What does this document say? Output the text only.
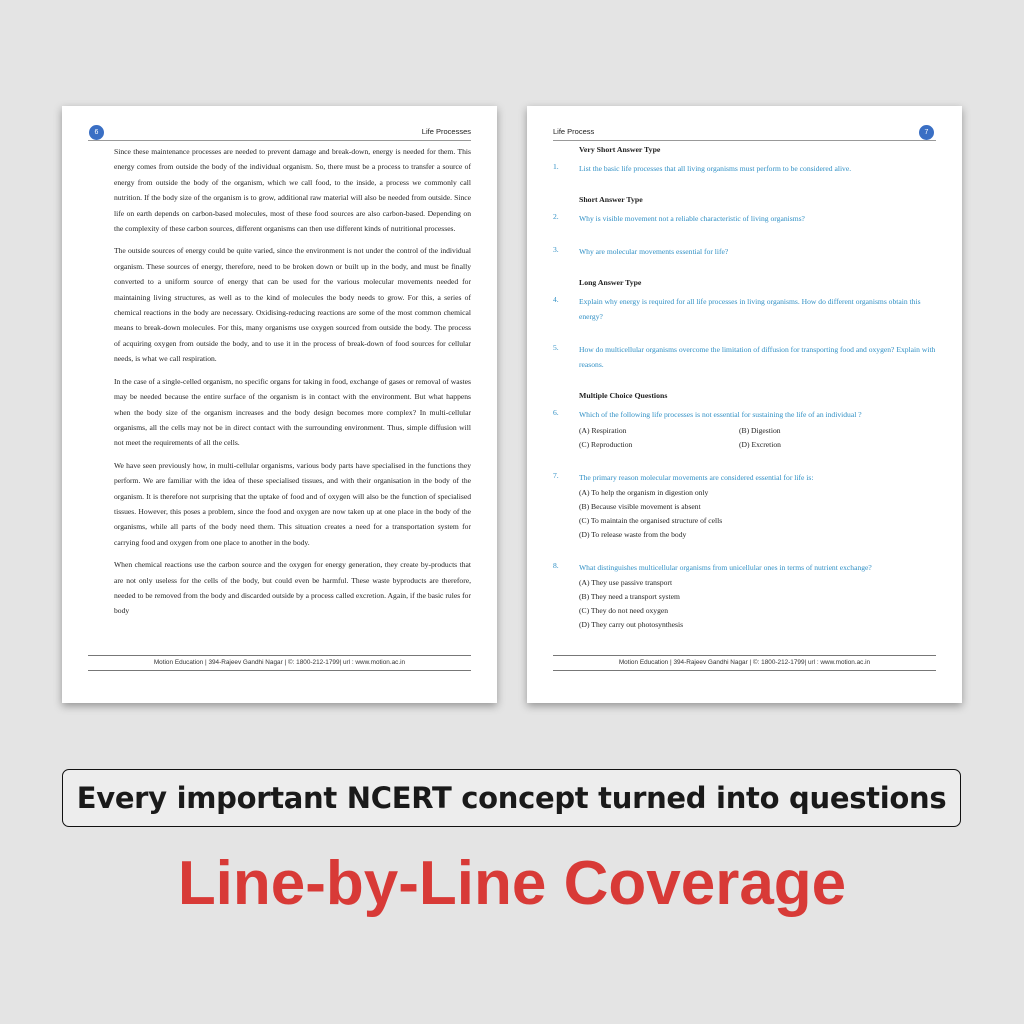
6	Life Processes

Since these maintenance processes are needed to prevent damage and break-down, energy is needed for them. This energy comes from outside the body of the individual organism. So, there must be a process to transfer a source of energy from outside the body of the organism, which we call food, to the inside, a process we commonly call nutrition. If the body size of the organism is to grow, additional raw material will also be needed from outside. Since life on earth depends on carbon-based molecules, most of these food sources are also carbon-based. Depending on the complexity of these carbon sources, different organisms can then use different kinds of nutritional processes.

The outside sources of energy could be quite varied, since the environment is not under the control of the individual organism. These sources of energy, therefore, need to be broken down or built up in the body, and must be finally converted to a uniform source of energy that can be used for the various molecular movements needed for maintaining living structures, as well as to the kind of molecules the body needs to grow. For this, a series of chemical reactions in the body are necessary. Oxidising-reducing reactions are some of the most common chemical means to break-down molecules. For this, many organisms use oxygen sourced from outside the body. The process of acquiring oxygen from outside the body, and to use it in the process of break-down of food sources for cellular needs, is what we call respiration.

In the case of a single-celled organism, no specific organs for taking in food, exchange of gases or removal of wastes may be needed because the entire surface of the organism is in contact with the environment. But what happens when the body size of the organism increases and the body design becomes more complex? In multi-cellular organisms, all the cells may not be in direct contact with the surrounding environment. Thus, simple diffusion will not meet the requirements of all the cells.

We have seen previously how, in multi-cellular organisms, various body parts have specialised in the functions they perform. We are familiar with the idea of these specialised tissues, and with their organisation in the body of the organism. It is therefore not surprising that the uptake of food and of oxygen will also be the function of specialised tissues. However, this poses a problem, since the food and oxygen are now taken up at one place in the body of the organisms, while all parts of the body need them. This situation creates a need for a transportation system for carrying food and oxygen from one place to another in the body.

When chemical reactions use the carbon source and the oxygen for energy generation, they create by-products that are not only useless for the cells of the body, but could even be harmful. These waste byproducts are therefore, needed to be removed from the body and discarded outside by a process called excretion. Again, if the basic rules for body

Motion Education | 394-Rajeev Gandhi Nagar | ©: 1800-212-1799| url : www.motion.ac.in
Life Process	7
Very Short Answer Type
1.	List the basic life processes that all living organisms must perform to be considered alive.
Short Answer Type
2.	Why is visible movement not a reliable characteristic of living organisms?
3.	Why are molecular movements essential for life?
Long Answer Type
4.	Explain why energy is required for all life processes in living organisms. How do different organisms obtain this energy?
5.	How do multicellular organisms overcome the limitation of diffusion for transporting food and oxygen? Explain with reasons.
Multiple Choice Questions
6.	Which of the following life processes is not essential for sustaining the life of an individual ?
(A) Respiration	(B) Digestion
(C) Reproduction	(D) Excretion
7.	The primary reason molecular movements are considered essential for life is:
(A) To help the organism in digestion only
(B) Because visible movement is absent
(C) To maintain the organised structure of cells
(D) To release waste from the body
8.	What distinguishes multicellular organisms from unicellular ones in terms of nutrient exchange?
(A) They use passive transport
(B) They need a transport system
(C) They do not need oxygen
(D) They carry out photosynthesis
Motion Education | 394-Rajeev Gandhi Nagar | ©: 1800-212-1799| url : www.motion.ac.in
Every important NCERT concept turned into questions
Line-by-Line Coverage
